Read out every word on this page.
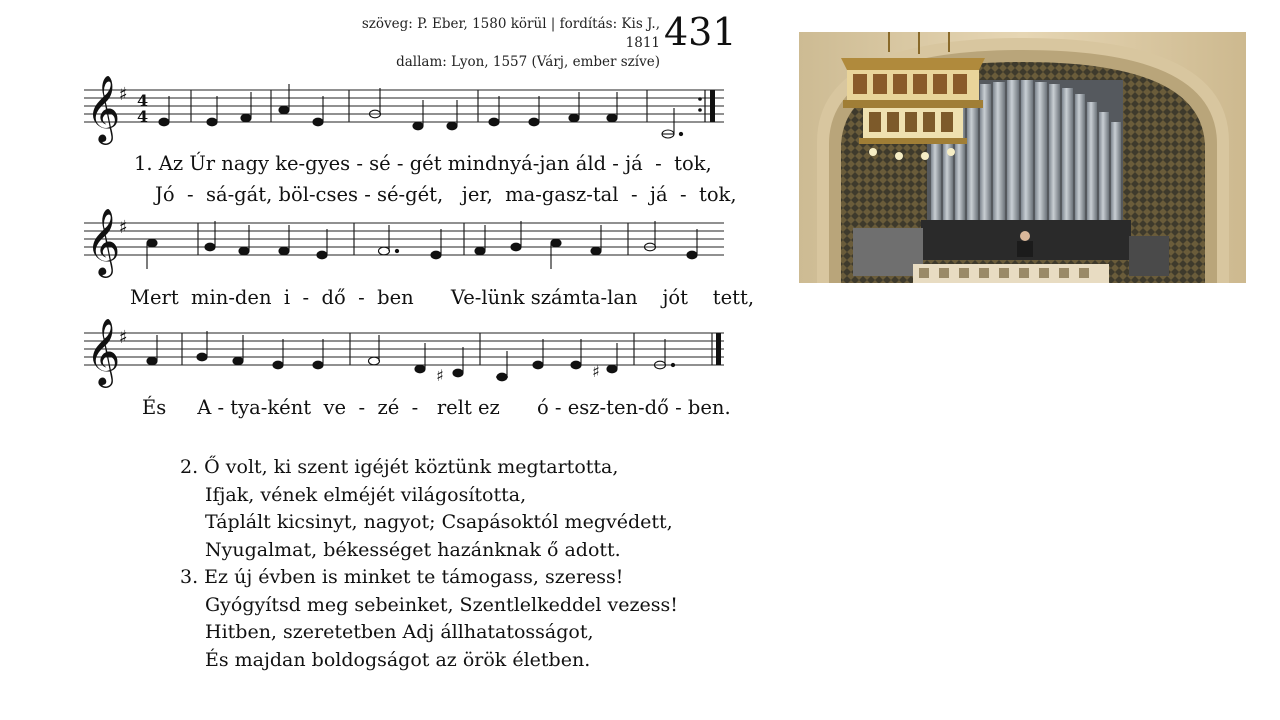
szöveg: P. Eber, 1580 körül | fordítás: Kis J., 1811
dallam: Lyon, 1557 (Várj, ember szíve)
431
𝄞
♯ 4
4
1. Az Úr nagy ke-gyes - sé - gét mindnyá-jan áld - já  -  tok,
Jó  -  sá-gát, böl-cses - sé-gét,   jer,  ma-gasz-tal  -  já  -  tok,
𝄞
♯
Mert  min-den  i  -  dő  -  ben      Ve-lünk számta-lan    jót    tett,
𝄞
♯
♯	♯
És     A - tya-ként  ve  -  zé  -   relt ez      ó - esz-ten-dő - ben.
2. Ő volt, ki szent igéjét köztünk megtartotta,
Ifjak, vének elméjét világosította,
Táplált kicsinyt, nagyot; Csapásoktól megvédett,
Nyugalmat, békességet hazánknak ő adott.
3. Ez új évben is minket te támogass, szeress!
Gyógyítsd meg sebeinket, Szentlelkeddel vezess!
Hitben, szeretetben Adj állhatatosságot,
És majdan boldogságot az örök életben.
